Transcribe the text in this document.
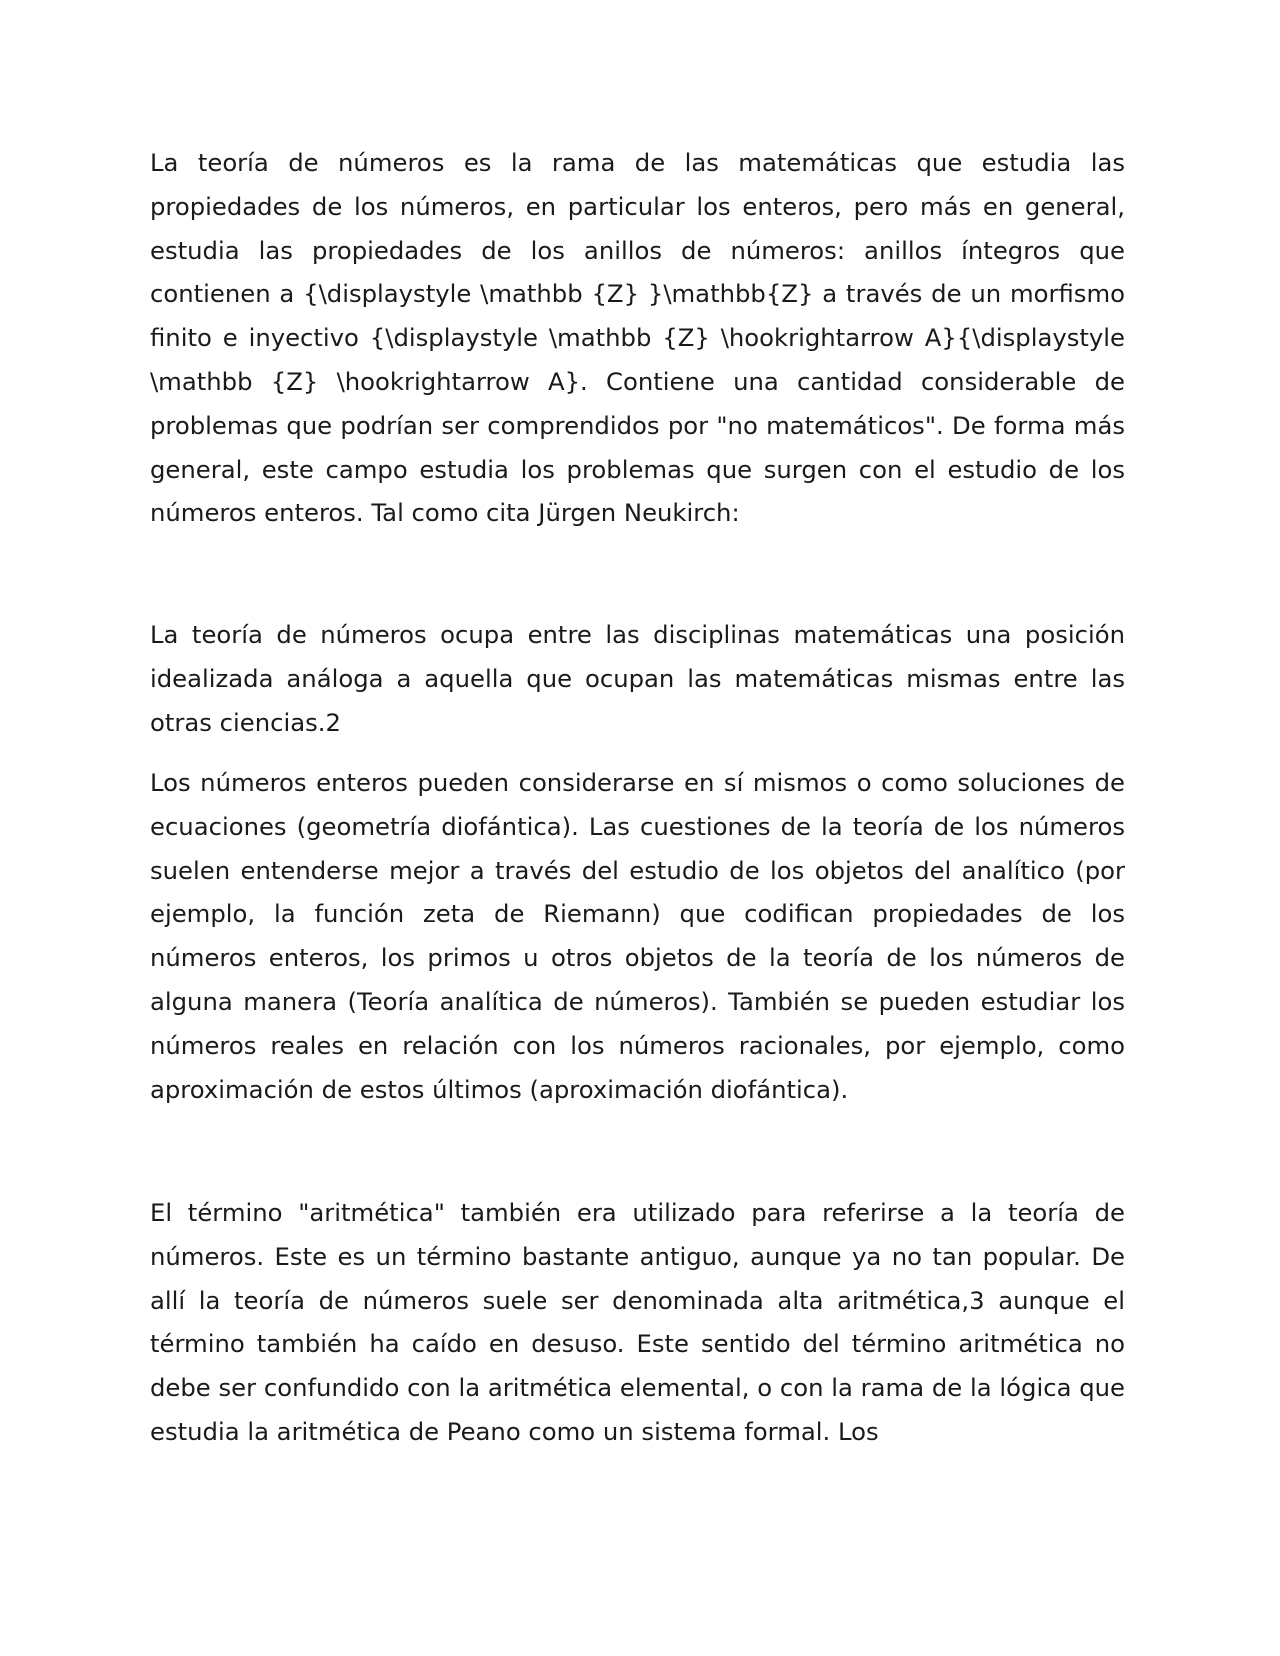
La teoría de números es la rama de las matemáticas que estudia las propiedades de los números, en particular los enteros, pero más en general, estudia las propiedades de los anillos de números: anillos íntegros que contienen a {\displaystyle \mathbb {Z} }\mathbb{Z} a través de un morfismo finito e inyectivo {\displaystyle \mathbb {Z} \hookrightarrow A}{\displaystyle \mathbb {Z} \hookrightarrow A}. Contiene una cantidad considerable de problemas que podrían ser comprendidos por "no matemáticos". De forma más general, este campo estudia los problemas que surgen con el estudio de los números enteros. Tal como cita Jürgen Neukirch:

La teoría de números ocupa entre las disciplinas matemáticas una posición idealizada análoga a aquella que ocupan las matemáticas mismas entre las otras ciencias.2

Los números enteros pueden considerarse en sí mismos o como soluciones de ecuaciones (geometría diofántica). Las cuestiones de la teoría de los números suelen entenderse mejor a través del estudio de los objetos del analítico (por ejemplo, la función zeta de Riemann) que codifican propiedades de los números enteros, los primos u otros objetos de la teoría de los números de alguna manera (Teoría analítica de números). También se pueden estudiar los números reales en relación con los números racionales, por ejemplo, como aproximación de estos últimos (aproximación diofántica).

El término "aritmética" también era utilizado para referirse a la teoría de números. Este es un término bastante antiguo, aunque ya no tan popular. De allí la teoría de números suele ser denominada alta aritmética,3 aunque el término también ha caído en desuso. Este sentido del término aritmética no debe ser confundido con la aritmética elemental, o con la rama de la lógica que estudia la aritmética de Peano como un sistema formal. Los
